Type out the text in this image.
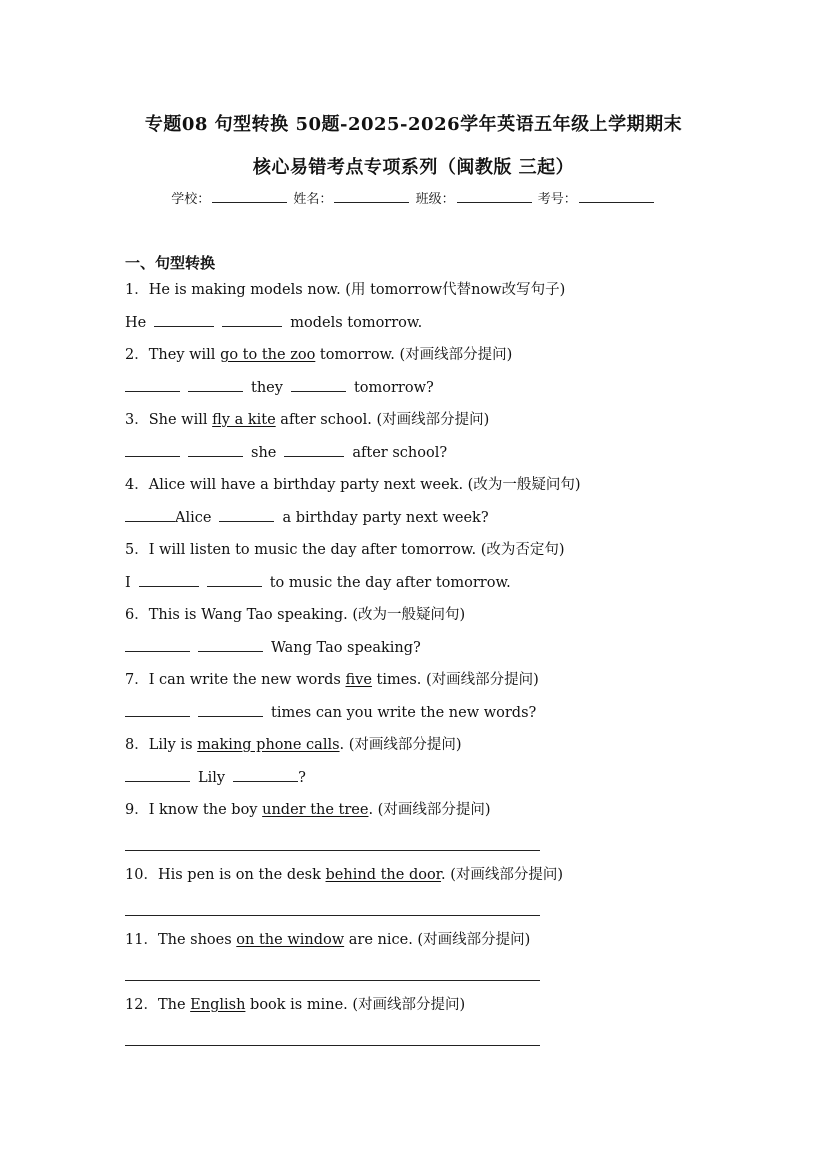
专题08 句型转换 50题-2025-2026学年英语五年级上学期期末
核心易错考点专项系列（闽教版 三起）
学校：	姓名：	班级：	考号：
一、句型转换
1．He is making models now. (用 tomorrow代替now改写句子)
He	models tomorrow.
2．They will go to the zoo tomorrow. (对画线部分提问)
they	tomorrow?
3．She will fly a kite after school. (对画线部分提问)
she	after school?
4．Alice will have a birthday party next week. (改为一般疑问句)
Alice	a birthday party next week?
5．I will listen to music the day after tomorrow. (改为否定句)
I	to music the day after tomorrow.
6．This is Wang Tao speaking. (改为一般疑问句)
Wang Tao speaking?
7．I can write the new words five times. (对画线部分提问)
times can you write the new words?
8．Lily is making phone calls. (对画线部分提问)
Lily	?
9．I know the boy under the tree. (对画线部分提问)
10．His pen is on the desk behind the door. (对画线部分提问)
11．The shoes on the window are nice. (对画线部分提问)
12．The English book is mine. (对画线部分提问)
